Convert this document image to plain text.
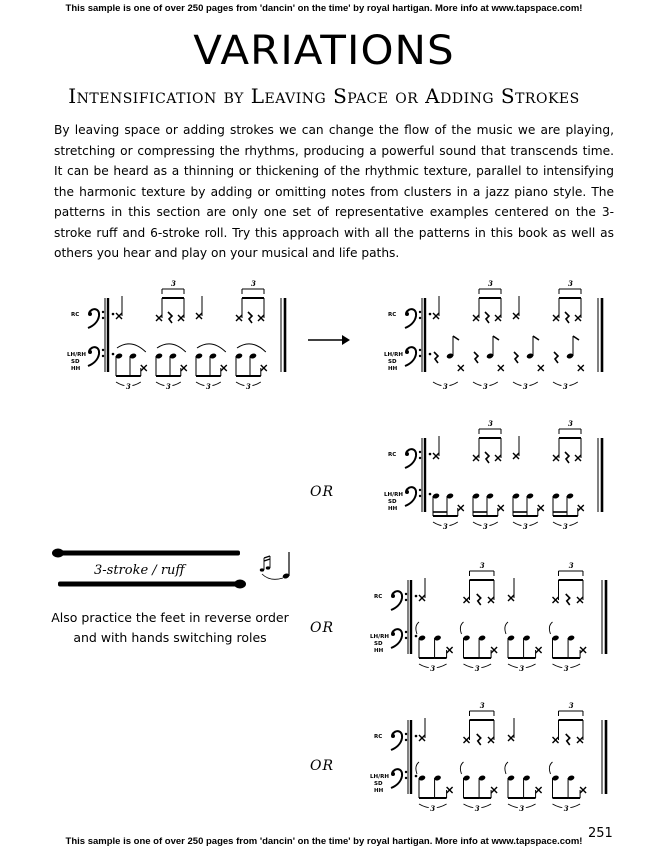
This sample is one of over 250 pages from 'dancin' on the time' by royal hartigan. More info at www.tapspace.com!
VARIATIONS
Intensification by Leaving Space or Adding Strokes
By leaving space or adding strokes we can change the flow of the music we are playing, stretching or compressing the rhythms, producing a powerful sound that transcends time. It can be heard as a thinning or thickening of the rhythmic texture, parallel to intensifying the harmonic texture by adding or omitting notes from clusters in a jazz piano style. The patterns in this section are only one set of representative examples centered on the 3-stroke ruff and 6-stroke roll. Try this approach with all the patterns in this book as well as others you hear and play on your musical and life paths.
RC
LH/RH
SD
HH
3
3
3	3
3
3
RC
LH/RH
SD
HH
3
3
3	3
3
3
RC
LH/RH
SD
HH
3
3
3	3
3
3
RC
LH/RH
SD
HH
3
3
3	3
3
3
RC
LH/RH
SD
HH
3
3
3	3
3
3
OR
OR
OR
3-stroke / ruff
Also practice the feet in reverse order and with hands switching roles
251
This sample is one of over 250 pages from 'dancin' on the time' by royal hartigan. More info at www.tapspace.com!
